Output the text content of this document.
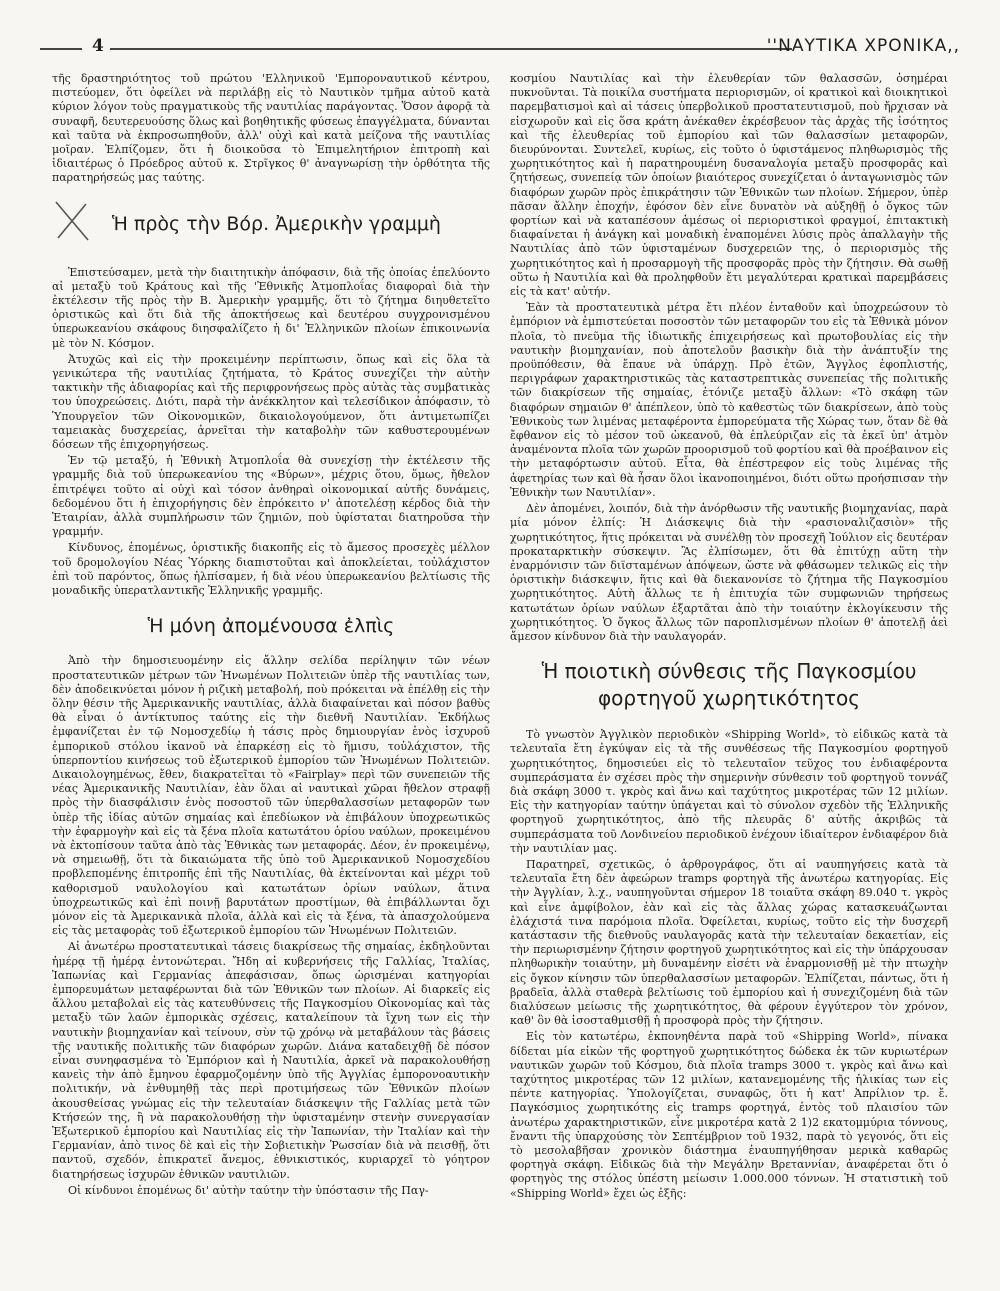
4	''ΝΑΥΤΙΚΑ ΧΡΟΝΙΚΑ,,

τῆς δραστηριότητος τοῦ πρώτου 'Ελληνικοῦ 'Εμποροναυτικοῦ κέντρου, πιστεύομεν, ὅτι ὀφείλει νὰ περιλάβῃ εἰς τὸ Ναυτικὸν τμῆμα αὐτοῦ κατὰ κύριον λόγον τοὺς πραγματικοὺς τῆς ναυτιλίας παράγοντας. Ὅσον ἀφορᾷ τὰ συναφῆ, δευτερευούσης ὅλως καὶ βοηθητικῆς φύσεως ἐπαγγέλματα, δύνανται καὶ ταῦτα νὰ ἐκπροσωπηθοῦν, ἀλλ' οὐχὶ καὶ κατὰ μείζονα τῆς ναυτιλίας μοῖραν. Ἐλπίζομεν, ὅτι ἡ διοικοῦσα τὸ Ἐπιμελητήριον ἐπιτροπὴ καὶ ἰδιαιτέρως ὁ Πρόεδρος αὐτοῦ κ. Στρῖγκος θ' ἀναγνωρίσῃ τὴν ὀρθότητα τῆς παρατηρήσεώς μας ταύτης.

Ἡ πρὸς τὴν Βόρ. Ἀμερικὴν γραμμὴ

Ἐπιστεύσαμεν, μετὰ τὴν διαιτητικὴν ἀπόφασιν, διὰ τῆς ὁποίας ἐπελύοντο αἱ μεταξὺ τοῦ Κράτους καὶ τῆς 'Ἐθνικῆς Ἀτμοπλοΐας διαφοραὶ διὰ τὴν ἐκτέλεσιν τῆς πρὸς τὴν Β. Ἀμερικὴν γραμμῆς, ὅτι τὸ ζήτημα διηυθετεῖτο ὁριστικῶς καὶ ὅτι διὰ τῆς ἀποκτήσεως καὶ δευτέρου συγχρονισμένου ὑπερωκεανίου σκάφους διησφαλίζετο ἡ δι' Ἑλληνικῶν πλοίων ἐπικοινωνία μὲ τὸν Ν. Κόσμον.

Ἀτυχῶς καὶ εἰς τὴν προκειμένην περίπτωσιν, ὅπως καὶ εἰς ὅλα τὰ γενικώτερα τῆς ναυτιλίας ζητήματα, τὸ Κράτος συνεχίζει τὴν αὐτὴν τακτικὴν τῆς ἀδιαφορίας καὶ τῆς περιφρονήσεως πρὸς αὐτὰς τὰς συμβατικὰς του ὑποχρεώσεις. Διότι, παρὰ τὴν ἀνέκκλητον καὶ τελεσίδικον ἀπόφασιν, τὸ Ὑπουργεῖον τῶν Οἰκονομικῶν, δικαιολογούμενον, ὅτι ἀντιμετωπίζει ταμειακὰς δυσχερείας, ἀρνεῖται τὴν καταβολὴν τῶν καθυστερουμένων δόσεων τῆς ἐπιχορηγήσεως.

Ἐν τῷ μεταξύ, ἡ Ἐθνικὴ Ἀτμοπλοΐα θὰ συνεχίσῃ τὴν ἐκτέλεσιν τῆς γραμμῆς διὰ τοῦ ὑπερωκεανίου της «Βύρων», μέχρις ὅτου, ὅμως, ἤθελον ἐπιτρέψει τοῦτο αἱ οὐχὶ καὶ τόσον ἀνθηραὶ οἰκονομικαί αὐτῆς δυνάμεις, δεδομένου ὅτι ἡ ἐπιχορήγησις δὲν ἐπρόκειτο ν' ἀποτελέσῃ κέρδος διὰ τὴν Ἑταιρίαν, ἀλλὰ συμπλήρωσιν τῶν ζημιῶν, ποὺ ὑφίσταται διατηροῦσα τὴν γραμμήν.

Κίνδυνος, ἑπομένως, ὁριστικῆς διακοπῆς εἰς τὸ ἄμεσος προσεχὲς μέλλον τοῦ δρομολογίου Νέας Ὑόρκης διαπιστοῦται καὶ ἀποκλείεται, τοὐλάχιστον ἐπὶ τοῦ παρόντος, ὅπως ἠλπίσαμεν, ἡ διὰ νέου ὑπερωκεανίου βελτίωσις τῆς μοναδικῆς ὑπερατλαντικῆς Ἑλληνικῆς γραμμῆς.

Ἡ μόνη ἀπομένουσα ἐλπὶς

Ἀπὸ τὴν δημοσιευομένην εἰς ἄλλην σελίδα περίληψιν τῶν νέων προστατευτικῶν μέτρων τῶν Ἡνωμένων Πολιτειῶν ὑπὲρ τῆς ναυτιλίας των, δὲν ἀποδεικνύεται μόνον ἡ ριζικὴ μεταβολή, ποὺ πρόκειται νὰ ἐπέλθῃ εἰς τὴν ὅλην θέσιν τῆς Ἀμερικανικῆς ναυτιλίας, ἀλλὰ διαφαίνεται καὶ πόσον βαθὺς θὰ εἶναι ὁ ἀντίκτυπος ταύτης εἰς τὴν διεθνῆ Ναυτιλίαν. Ἐκδήλως ἐμφανίζεται ἐν τῷ Νομοσχεδίῳ ἡ τάσις πρὸς δημιουργίαν ἑνὸς ἰσχυροῦ ἐμπορικοῦ στόλου ἱκανοῦ νὰ ἐπαρκέσῃ εἰς τὸ ἥμισυ, τοὐλάχιστον, τῆς ὑπερποντίου κινήσεως τοῦ ἐξωτερικοῦ ἐμπορίου τῶν Ἡνωμένων Πολιτειῶν. Δικαιολογημένως, ἔθεν, διακρατεῖται τὸ «Fairplay» περὶ τῶν συνεπειῶν τῆς νέας Ἀμερικανικῆς Ναυτιλίαν, ἐὰν ὅλαι αἱ ναυτικαὶ χῶραι ἤθελον στραφῇ πρὸς τὴν διασφάλισιν ἑνὸς ποσοστοῦ τῶν ὑπερθαλασσίων μεταφορῶν των ὑπὲρ τῆς ἰδίας αὐτῶν σημαίας καὶ ἐπεδίωκον νὰ ἐπιβάλουν ὑποχρεωτικῶς τὴν ἐφαρμογὴν καὶ εἰς τὰ ξένα πλοῖα κατωτάτου ὁρίου ναύλων, προκειμένου νὰ ἐκτοπίσουν ταῦτα ἀπὸ τὰς Ἐθνικὰς των μεταφοράς. Δέον, ἐν προκειμένῳ, νὰ σημειωθῇ, ὅτι τὰ δικαιώματα τῆς ὑπὸ τοῦ Ἀμερικανικοῦ Νομοσχεδίου προβλεπομένης ἐπιτροπῆς ἐπὶ τῆς Ναυτιλίας, θὰ ἐκτείνονται καὶ μέχρι τοῦ καθορισμοῦ ναυλολογίου καὶ κατωτάτων ὁρίων ναύλων, ἅτινα ὑποχρεωτικῶς καὶ ἐπὶ ποινῇ βαρυτάτων προστίμων, θὰ ἐπιβάλλωνται ὄχι μόνον εἰς τὰ Ἀμερικανικὰ πλοῖα, ἀλλὰ καὶ εἰς τὰ ξένα, τὰ ἀπασχολούμενα εἰς τὰς μεταφορὰς τοῦ ἐξωτερικοῦ ἐμπορίου τῶν Ἡνωμένων Πολιτειῶν.

Αἱ ἀνωτέρω προστατευτικαὶ τάσεις διακρίσεως τῆς σημαίας, ἐκδηλοῦνται ἡμέρᾳ τῇ ἡμέρᾳ ἐντονώτεραι. Ἤδη αἱ κυβερνήσεις τῆς Γαλλίας, Ἰταλίας, Ἰαπωνίας καὶ Γερμανίας ἀπεφάσισαν, ὅπως ὡρισμέναι κατηγορίαι ἐμπορευμάτων μεταφέρωνται διὰ τῶν Ἐθνικῶν των πλοίων. Αἱ διαρκεῖς εἰς ἄλλου μεταβολαὶ εἰς τὰς κατευθύνσεις τῆς Παγκοσμίου Οἰκονομίας καὶ τὰς μεταξὺ τῶν λαῶν ἐμπορικὰς σχέσεις, καταλείπουν τὰ ἴχνη των εἰς τὴν ναυτικὴν βιομηχανίαν καὶ τείνουν, σὺν τῷ χρόνῳ νὰ μεταβάλουν τὰς βάσεις τῆς ναυτικῆς πολιτικῆς τῶν διαφόρων χωρῶν. Διάνα καταδειχθῇ δὲ πόσον εἶναι συνηφασμένα τὸ Ἐμπόριον καὶ ἡ Ναυτιλία, ἀρκεῖ νὰ παρακολουθήσῃ κανεὶς τὴν ἀπὸ ἔμηνου ἐφαρμοζομένην ὑπὸ τῆς Ἀγγλίας ἐμπορονοαυτικὴν πολιτικήν, νὰ ἐνθυμηθῇ τὰς περὶ προτιμήσεως τῶν Ἐθνικῶν πλοίων ἀκουσθείσας γνώμας εἰς τὴν τελευταίαν διάσκεψιν τῆς Γαλλίας μετὰ τῶν Κτήσεών της, ἢ νὰ παρακολουθήσῃ τὴν ὑφισταμένην στενὴν συνεργασίαν Ἐξωτερικοῦ ἐμπορίου καὶ Ναυτιλίας εἰς τὴν Ἰαπωνίαν, τὴν Ἰταλίαν καὶ τὴν Γερμανίαν, ἀπὸ τινος δὲ καὶ εἰς τὴν Σοβιετικὴν Ῥωσσίαν διὰ νὰ πεισθῇ, ὅτι παντοῦ, σχεδόν, ἐπικρατεῖ ἄνεμος, ἐθνικιστικός, κυριαρχεῖ τὸ γόητρον διατηρήσεως ἰσχυρῶν ἐθνικῶν ναυτιλιῶν.

Οἱ κίνδυνοι ἑπομένως δι' αὐτὴν ταύτην τὴν ὑπόστασιν τῆς Παγ-

κοσμίου Ναυτιλίας καὶ τὴν ἐλευθερίαν τῶν θαλασσῶν, ὁσημέραι πυκνοῦνται. Τὰ ποικίλα συστήματα περιορισμῶν, οἱ κρατικοὶ καὶ διοικητικοὶ παρεμβατισμοὶ καὶ αἱ τάσεις ὑπερβολικοῦ προστατευτισμοῦ, ποὺ ἤρχισαν νὰ εἰσχωροῦν καὶ εἰς ὅσα κράτη ἀνέκαθεν ἐκρέσβευον τὰς ἀρχὰς τῆς ἰσότητος καὶ τῆς ἐλευθερίας τοῦ ἐμπορίου καὶ τῶν θαλασσίων μεταφορῶν, διευρύνονται. Συντελεῖ, κυρίως, εἰς τοῦτο ὁ ὑφιστάμενος πληθωρισμὸς τῆς χωρητικότητος καὶ ἡ παρατηρουμένη δυσαναλογία μεταξὺ προσφορᾶς καὶ ζητήσεως, συνεπείᾳ τῶν ὁποίων βιαιότερος συνεχίζεται ὁ ἀνταγωνισμὸς τῶν διαφόρων χωρῶν πρὸς ἐπικράτησιν τῶν Ἐθνικῶν των πλοίων. Σήμερον, ὑπὲρ πᾶσαν ἄλλην ἐποχήν, ἐφόσον δὲν εἶνε δυνατὸν νὰ αὐξηθῇ ὁ ὄγκος τῶν φορτίων καὶ νὰ καταπέσουν ἀμέσως οἱ περιοριστικοὶ φραγμοί, ἐπιτακτικὴ διαφαίνεται ἡ ἀνάγκη καὶ μοναδικὴ ἐναπομένει λύσις πρὸς ἀπαλλαγὴν τῆς Ναυτιλίας ἀπὸ τῶν ὑφισταμένων δυσχερειῶν της, ὁ περιορισμὸς τῆς χωρητικότητος καὶ ἡ προσαρμογὴ τῆς προσφορᾶς πρὸς τὴν ζήτησιν. Θὰ σωθῇ οὕτω ἡ Ναυτιλία καὶ θὰ προληφθοῦν ἔτι μεγαλύτεραι κρατικαὶ παρεμβάσεις εἰς τὰ κατ' αὐτήν.

Ἐὰν τὰ προστατευτικὰ μέτρα ἔτι πλέον ἐνταθοῦν καὶ ὑποχρεώσουν τὸ ἐμπόριον νὰ ἐμπιστεύεται ποσοστὸν τῶν μεταφορῶν του εἰς τὰ Ἐθνικὰ μόνον πλοῖα, τὸ πνεῦμα τῆς ἰδιωτικῆς ἐπιχειρήσεως καὶ πρωτοβουλίας εἰς τὴν ναυτικὴν βιομηχανίαν, ποὺ ἀποτελοῦν βασικὴν διὰ τὴν ἀνάπτυξίν της προϋπόθεσιν, θὰ ἔπαυε νὰ ὑπάρχῃ. Πρὸ ἐτῶν, Ἄγγλος ἐφοπλιστής, περιγράφων χαρακτηριστικῶς τὰς καταστρεπτικὰς συνεπείας τῆς πολιτικῆς τῶν διακρίσεων τῆς σημαίας, ἐτόνιζε μεταξὺ ἄλλων: «Τὸ σκάφη τῶν διαφόρων σημαιῶν θ' ἀπέπλεον, ὑπὸ τὸ καθεστὼς τῶν διακρίσεων, ἀπὸ τοὺς Ἐθνικοὺς των λιμένας μεταφέροντα ἐμπορεύματα τῆς Χώρας των, ὅταν δὲ θὰ ἔφθανον εἰς τὸ μέσον τοῦ ὠκεανοῦ, θὰ ἐπλεύριζαν εἰς τὰ ἐκεῖ ὑπ' ἀτμὸν ἀναμένοντα πλοῖα τῶν χωρῶν προορισμοῦ τοῦ φορτίου καὶ θὰ προέβαινον εἰς τὴν μεταφόρτωσιν αὐτοῦ. Εἶτα, θὰ ἐπέστρεφον εἰς τοὺς λιμένας τῆς ἀφετηρίας των καὶ θὰ ἦσαν ὅλοι ἱκανοποιημένοι, διότι οὕτω προήσπισαν τὴν Ἐθνικὴν των Ναυτιλίαν».

Δὲν ἀπομένει, λοιπόν, διὰ τὴν ἀνόρθωσιν τῆς ναυτικῆς βιομηχανίας, παρὰ μία μόνον ἐλπίς: Ἡ Διάσκεψις διὰ τὴν «ρασιοναλιζασιὸν» τῆς χωρητικότητος, ἥτις πρόκειται νὰ συνέλθῃ τὸν προσεχῆ Ἰούλιον εἰς δευτέραν προκαταρκτικὴν σύσκεψιν. Ἂς ἐλπίσωμεν, ὅτι θὰ ἐπιτύχῃ αὕτη τὴν ἐναρμόνισιν τῶν διϊσταμένων ἀπόψεων, ὥστε νὰ φθάσωμεν τελικῶς εἰς τὴν ὁριστικὴν διάσκεψιν, ἥτις καὶ θὰ διεκανονίσε τὸ ζήτημα τῆς Παγκοσμίου χωρητικότητος. Αὐτὴ ἄλλως τε ἡ ἐπιτυχία τῶν συμφωνιῶν τηρήσεως κατωτάτων ὁρίων ναύλων ἐξαρτᾶται ἀπὸ τὴν τοιαύτην ἐκλογίκευσιν τῆς χωρητικότητος. Ὁ ὄγκος ἄλλως τῶν παροπλισμένων πλοίων θ' ἀποτελῇ ἀεὶ ἄμεσον κίνδυνον διὰ τὴν ναυλαγοράν.

Ἡ ποιοτικὴ σύνθεσις τῆς Παγκοσμίου φορτηγοῦ χωρητικότητος

Τὸ γνωστὸν Ἀγγλικὸν περιοδικὸν «Shipping World», τὸ εἰδικῶς κατὰ τὰ τελευταῖα ἔτη ἐγκύψαν εἰς τὰ τῆς συνθέσεως τῆς Παγκοσμίου φορτηγοῦ χωρητικότητος, δημοσιεύει εἰς τὸ τελευταῖον τεῦχος του ἐνδιαφέροντα συμπεράσματα ἐν σχέσει πρὸς τὴν σημερινὴν σύνθεσιν τοῦ φορτηγοῦ τοννάζ διὰ σκάφη 3000 τ. γκρὸς καὶ ἄνω καὶ ταχύτητος μικροτέρας τῶν 12 μιλίων. Εἰς τὴν κατηγορίαν ταύτην ὑπάγεται καὶ τὸ σύνολον σχεδὸν τῆς Ἑλληνικῆς φορτηγοῦ χωρητικότητος, ἀπὸ τῆς πλευρᾶς δ' αὐτῆς ἀκριβῶς τὰ συμπεράσματα τοῦ Λονδινείου περιοδικοῦ ἐνέχουν ἰδιαίτερον ἐνδιαφέρον διὰ τὴν ναυτιλίαν μας.

Παρατηρεῖ, σχετικῶς, ὁ ἀρθρογράφος, ὅτι αἱ ναυπηγήσεις κατὰ τὰ τελευταῖα ἔτη δὲν ἀφεώρων tramps φορτηγὰ τῆς ἀνωτέρω κατηγορίας. Εἰς τὴν Ἀγγλίαν, λ.χ., ναυπηγοῦνται σήμερον 18 τοιαῦτα σκάφη 89.040 τ. γκρὸς καὶ εἶνε ἀμφίβολον, ἐὰν καὶ εἰς τὰς ἄλλας χώρας κατασκευάζωνται ἐλάχιστά τινα παρόμοια πλοῖα. Ὀφείλεται, κυρίως, τοῦτο εἰς τὴν δυσχερῆ κατάστασιν τῆς διεθνοῦς ναυλαγορᾶς κατὰ τὴν τελευταίαν δεκαετίαν, εἰς τὴν περιωρισμένην ζήτησιν φορτηγοῦ χωρητικότητος καὶ εἰς τὴν ὑπάρχουσαν πληθωρικὴν τοιαύτην, μὴ δυναμένην εἰσέτι νὰ ἐναρμονισθῇ μὲ τὴν πτωχὴν εἰς ὄγκον κίνησιν τῶν ὑπερθαλασσίων μεταφορῶν. Ἐλπίζεται, πάντως, ὅτι ἡ βραδεῖα, ἀλλὰ σταθερὰ βελτίωσις τοῦ ἐμπορίου καὶ ἡ συνεχιζομένη διὰ τῶν διαλύσεων μείωσις τῆς χωρητικότητος, θὰ φέρουν ἐγγύτερον τὸν χρόνον, καθ' ὃν θὰ ἰσοσταθμισθῇ ἡ προσφορὰ πρὸς τὴν ζήτησιν.

Εἰς τὸν κατωτέρω, ἐκπονηθέντα παρὰ τοῦ «Shipping World», πίνακα δίδεται μία εἰκὼν τῆς φορτηγοῦ χωρητικότητος δώδεκα ἐκ τῶν κυριωτέρων ναυτικῶν χωρῶν τοῦ Κόσμου, διὰ πλοῖα tramps 3000 τ. γκρὸς καὶ ἄνω καὶ ταχύτητος μικροτέρας τῶν 12 μιλίων, κατανεμομένης τῆς ἡλικίας των εἰς πέντε κατηγορίας. Ὑπολογίζεται, συναφῶς, ὅτι ἡ κατ' Ἀπρίλιον τρ. ἔ. Παγκόσμιος χωρητικότης εἰς tramps φορτηγά, ἐντὸς τοῦ πλαισίου τῶν ἀνωτέρω χαρακτηριστικῶν, εἶνε μικροτέρα κατὰ 2 1)2 εκατομμύρια τόννους, ἔναντι τῆς ὑπαρχούσης τὸν Σεπτέμβριον τοῦ 1932, παρὰ τὸ γεγονός, ὅτι εἰς τὸ μεσολαβῆσαν χρονικὸν διάστημα ἐναυπηγήθησαν μερικὰ καθαρῶς φορτηγὰ σκάφη. Εἰδικῶς διὰ τὴν Μεγάλην Βρεταννίαν, ἀναφέρεται ὅτι ὁ φορτηγὸς της στόλος ὑπέστη μείωσιν 1.000.000 τόννων. Ἡ στατιστικὴ τοῦ «Shipping World» ἔχει ὡς ἑξῆς:
